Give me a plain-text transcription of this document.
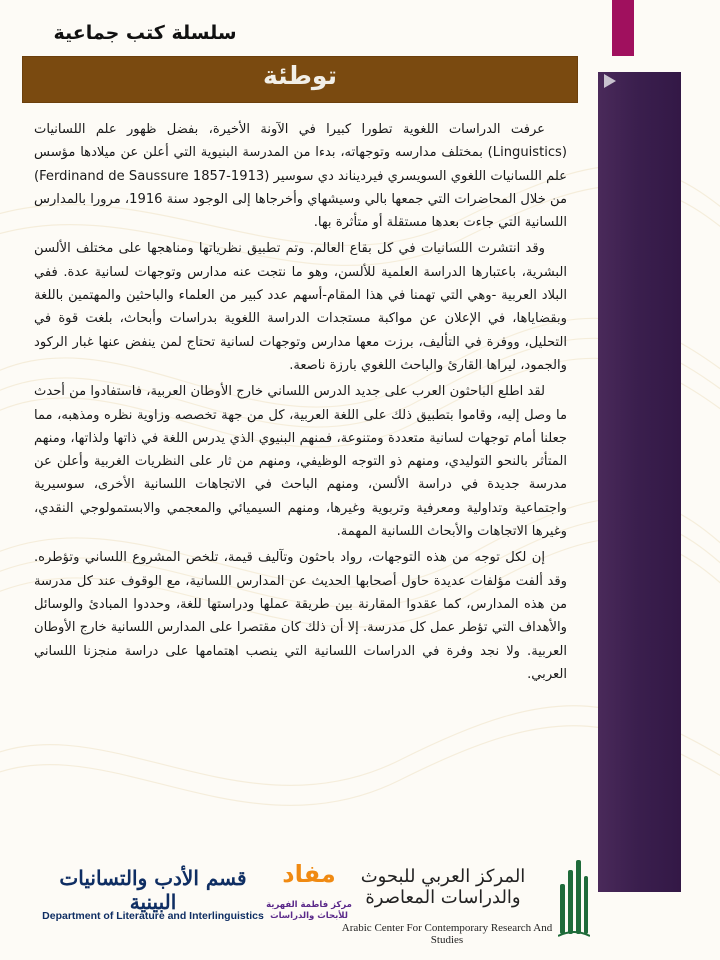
سلسلة كتب جماعية
توطئة

عرفت الدراسات اللغوية تطورا كبيرا في الآونة الأخيرة، بفضل ظهور علم اللسانيات (Linguistics) بمختلف مدارسه وتوجهاته، بدءا من المدرسة البنيوية التي أعلن عن ميلادها مؤسس علم اللسانيات اللغوي السويسري فيرديناند دي سوسير (Ferdinand de Saussure 1857-1913) من خلال المحاضرات التي جمعها بالي وسيشهاي وأخرجاها إلى الوجود سنة 1916، مرورا بالمدارس اللسانية التي جاءت بعدها مستقلة أو متأثرة بها.

وقد انتشرت اللسانيات في كل بقاع العالم. وتم تطبيق نظرياتها ومناهجها على مختلف الألسن البشرية، باعتبارها الدراسة العلمية للألسن، وهو ما نتجت عنه مدارس وتوجهات لسانية عدة. ففي البلاد العربية -وهي التي تهمنا في هذا المقام-أسهم عدد كبير من العلماء والباحثين والمهتمين باللغة وبقضاياها، في الإعلان عن مواكبة مستجدات الدراسة اللغوية بدراسات وأبحاث، بلغت قوة في التحليل، ووفرة في التأليف، برزت معها مدارس وتوجهات لسانية تحتاج لمن ينفض عنها غبار الركود والجمود، ليراها القارئ والباحث اللغوي بارزة ناصعة.

لقد اطلع الباحثون العرب على جديد الدرس اللساني خارج الأوطان العربية، فاستفادوا من أحدث ما وصل إليه، وقاموا بتطبيق ذلك على اللغة العربية، كل من جهة تخصصه وزاوية نظره ومذهبه، مما جعلنا أمام توجهات لسانية متعددة ومتنوعة، فمنهم البنيوي الذي يدرس اللغة في ذاتها ولذاتها، ومنهم المتأثر بالنحو التوليدي، ومنهم ذو التوجه الوظيفي، ومنهم من ثار على النظريات الغربية وأعلن عن مدرسة جديدة في دراسة الألسن، ومنهم الباحث في الاتجاهات اللسانية الأخرى، سوسيرية واجتماعية وتداولية ومعرفية وتربوية وغيرها، ومنهم السيميائي والمعجمي والابستمولوجي النقدي، وغيرها الاتجاهات والأبحاث اللسانية المهمة.

إن لكل توجه من هذه التوجهات، رواد باحثون وتآليف قيمة، تلخص المشروع اللساني وتؤطره. وقد ألفت مؤلفات عديدة حاول أصحابها الحديث عن المدارس اللسانية، مع الوقوف عند كل مدرسة من هذه المدارس، كما عقدوا المقارنة بين طريقة عملها ودراستها للغة، وحددوا المبادئ والوسائل والأهداف التي تؤطر عمل كل مدرسة. إلا أن ذلك كان مقتصرا على المدارس اللسانية خارج الأوطان العربية. ولا نجد وفرة في الدراسات اللسانية التي ينصب اهتمامها على دراسة منجزنا اللساني العربي.

قسم الأدب والتسانيات البينية
Department of Literature and Interlinguistics
مفاد
مركز فاطمة الفهرية للأبحاث والدراسات
المركز العربي للبحوث والدراسات المعاصرة
Arabic Center For Contemporary Research And Studies
